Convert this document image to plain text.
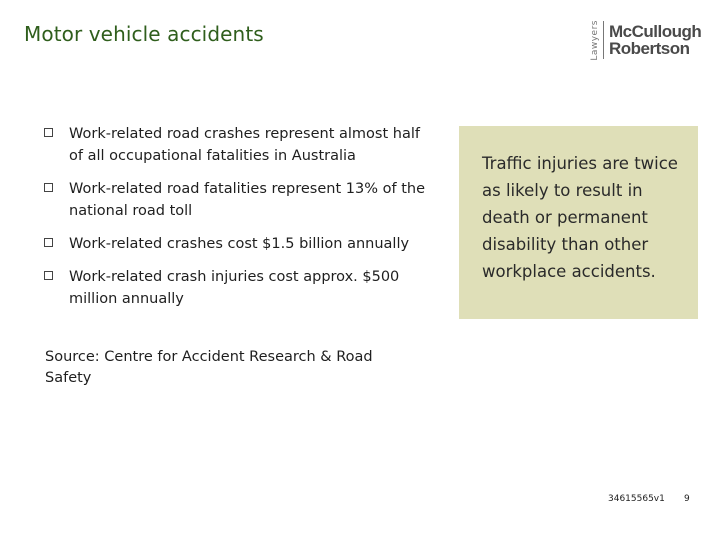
Motor vehicle accidents	Lawyers McCullough
Robertson
Work-related road crashes represent almost half of all occupational fatalities in Australia
Work-related road fatalities represent 13% of the national road toll
Work-related crashes cost $1.5 billion annually
Work-related crash injuries cost approx. $500 million annually
Traffic injuries are twice as likely to result in death or permanent disability than other workplace accidents.
Source: Centre for Accident Research & Road Safety
34615565v1 9
